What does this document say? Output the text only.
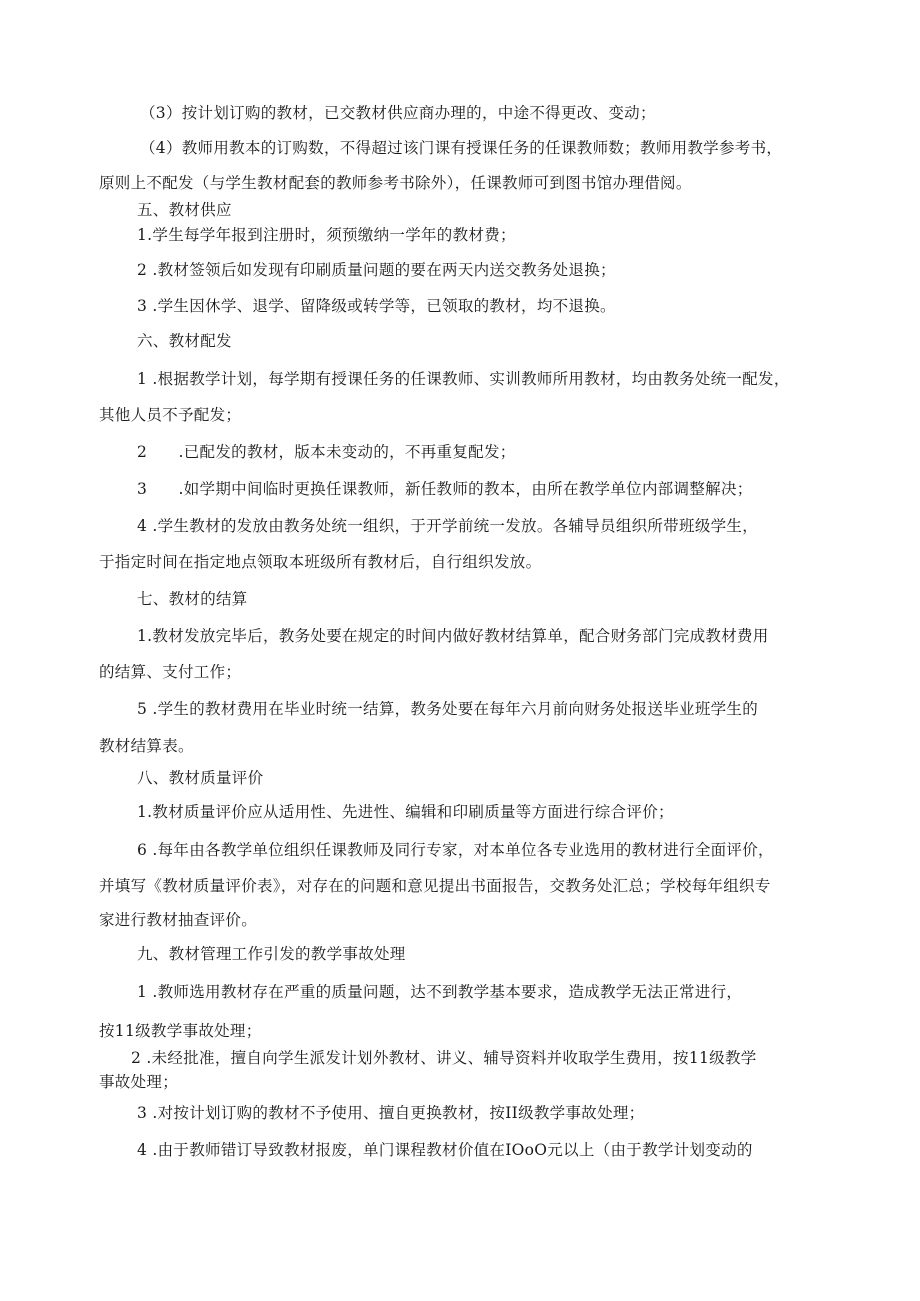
（3）按计划订购的教材，已交教材供应商办理的，中途不得更改、变动；
（4）教师用教本的订购数，不得超过该门课有授课任务的任课教师数；教师用教学参考书，
原则上不配发（与学生教材配套的教师参考书除外），任课教师可到图书馆办理借阅。
五、教材供应
1.学生每学年报到注册时，须预缴纳一学年的教材费；
2 .教材签领后如发现有印刷质量问题的要在两天内送交教务处退换；
3 .学生因休学、退学、留降级或转学等，已领取的教材，均不退换。
六、教材配发
1 .根据教学计划，每学期有授课任务的任课教师、实训教师所用教材，均由教务处统一配发，
其他人员不予配发；
2      .已配发的教材，版本未变动的，不再重复配发；
3      .如学期中间临时更换任课教师，新任教师的教本，由所在教学单位内部调整解决；
4 .学生教材的发放由教务处统一组织，于开学前统一发放。各辅导员组织所带班级学生，
于指定时间在指定地点领取本班级所有教材后，自行组织发放。
七、教材的结算
1.教材发放完毕后，教务处要在规定的时间内做好教材结算单，配合财务部门完成教材费用
的结算、支付工作；
5 .学生的教材费用在毕业时统一结算，教务处要在每年六月前向财务处报送毕业班学生的
教材结算表。
八、教材质量评价
1.教材质量评价应从适用性、先进性、编辑和印刷质量等方面进行综合评价；
6 .每年由各教学单位组织任课教师及同行专家，对本单位各专业选用的教材进行全面评价，
并填写《教材质量评价表》，对存在的问题和意见提出书面报告，交教务处汇总；学校每年组织专
家进行教材抽查评价。
九、教材管理工作引发的教学事故处理
1 .教师选用教材存在严重的质量问题，达不到教学基本要求，造成教学无法正常进行，
按11级教学事故处理；
2 .未经批准，擅自向学生派发计划外教材、讲义、辅导资料并收取学生费用，按11级教学
事故处理；
3 .对按计划订购的教材不予使用、擅自更换教材，按II级教学事故处理；
4 .由于教师错订导致教材报废，单门课程教材价值在IOoO元以上（由于教学计划变动的
